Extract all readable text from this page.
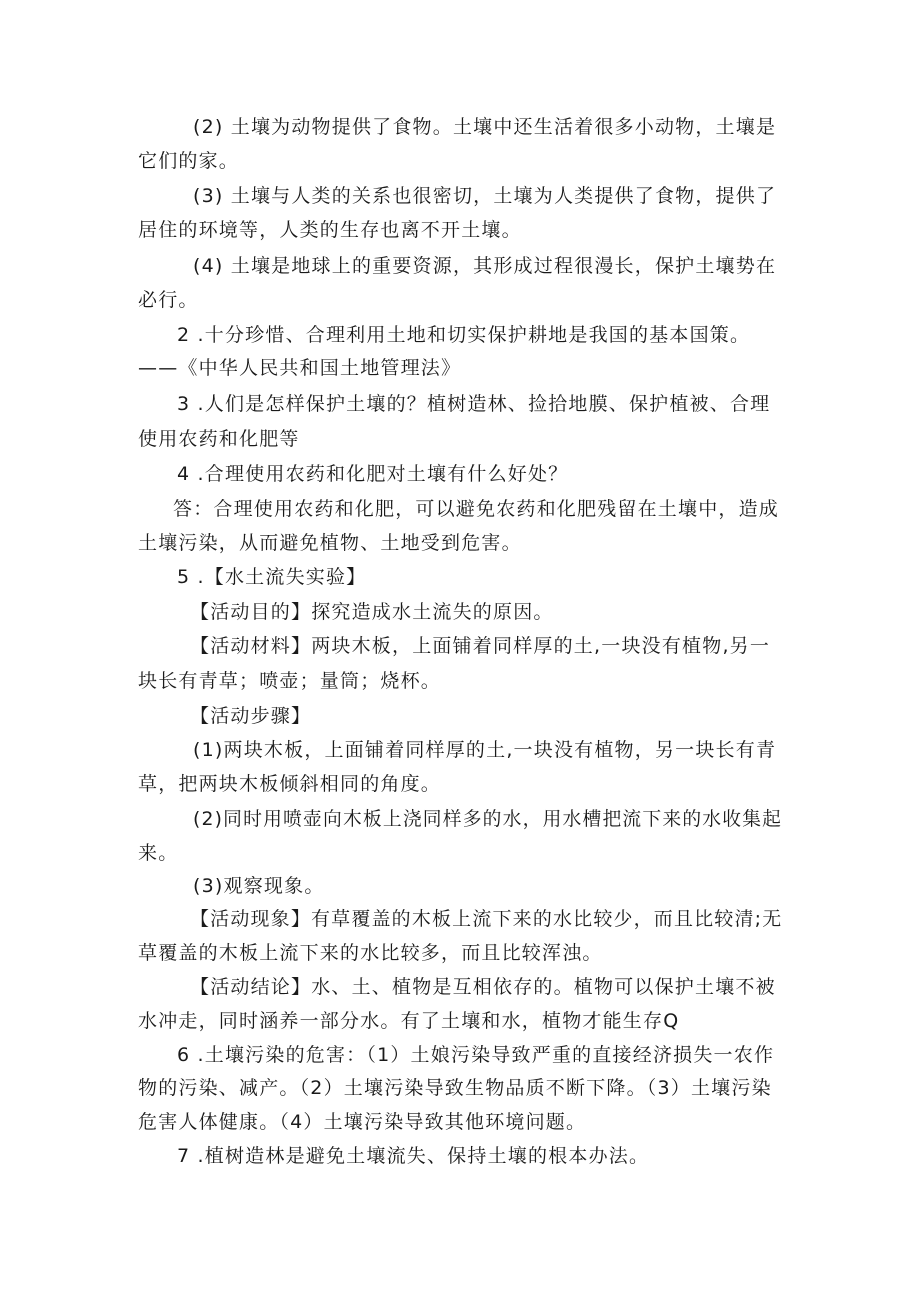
(2) 土壤为动物提供了食物。土壤中还生活着很多小动物，土壤是
它们的家。
(3) 土壤与人类的关系也很密切，土壤为人类提供了食物，提供了
居住的环境等，人类的生存也离不开土壤。
(4) 土壤是地球上的重要资源，其形成过程很漫长，保护土壤势在
必行。
2 .十分珍惜、合理利用土地和切实保护耕地是我国的基本国策。
——《中华人民共和国土地管理法》
3 .人们是怎样保护土壤的？植树造林、捡拾地膜、保护植被、合理
使用农药和化肥等
4 .合理使用农药和化肥对土壤有什么好处？
答：合理使用农药和化肥，可以避免农药和化肥残留在土壤中，造成
土壤污染，从而避免植物、土地受到危害。
5 .【水土流失实验】
【活动目的】探究造成水土流失的原因。
【活动材料】两块木板，上面铺着同样厚的土,一块没有植物,另一
块长有青草；喷壶；量筒；烧杯。
【活动步骤】
(1)两块木板，上面铺着同样厚的土,一块没有植物，另一块长有青
草，把两块木板倾斜相同的角度。
(2)同时用喷壶向木板上浇同样多的水，用水槽把流下来的水收集起
来。
(3)观察现象。
【活动现象】有草覆盖的木板上流下来的水比较少，而且比较清;无
草覆盖的木板上流下来的水比较多，而且比较浑浊。
【活动结论】水、土、植物是互相依存的。植物可以保护土壤不被
水冲走，同时涵养一部分水。有了土壤和水，植物才能生存Q
6 .土壤污染的危害：（1）土娘污染导致严重的直接经济损失一农作
物的污染、减产。（2）土壤污染导致生物品质不断下降。（3）土壤污染
危害人体健康。（4）土壤污染导致其他环境问题。
7 .植树造林是避免土壤流失、保持土壤的根本办法。
